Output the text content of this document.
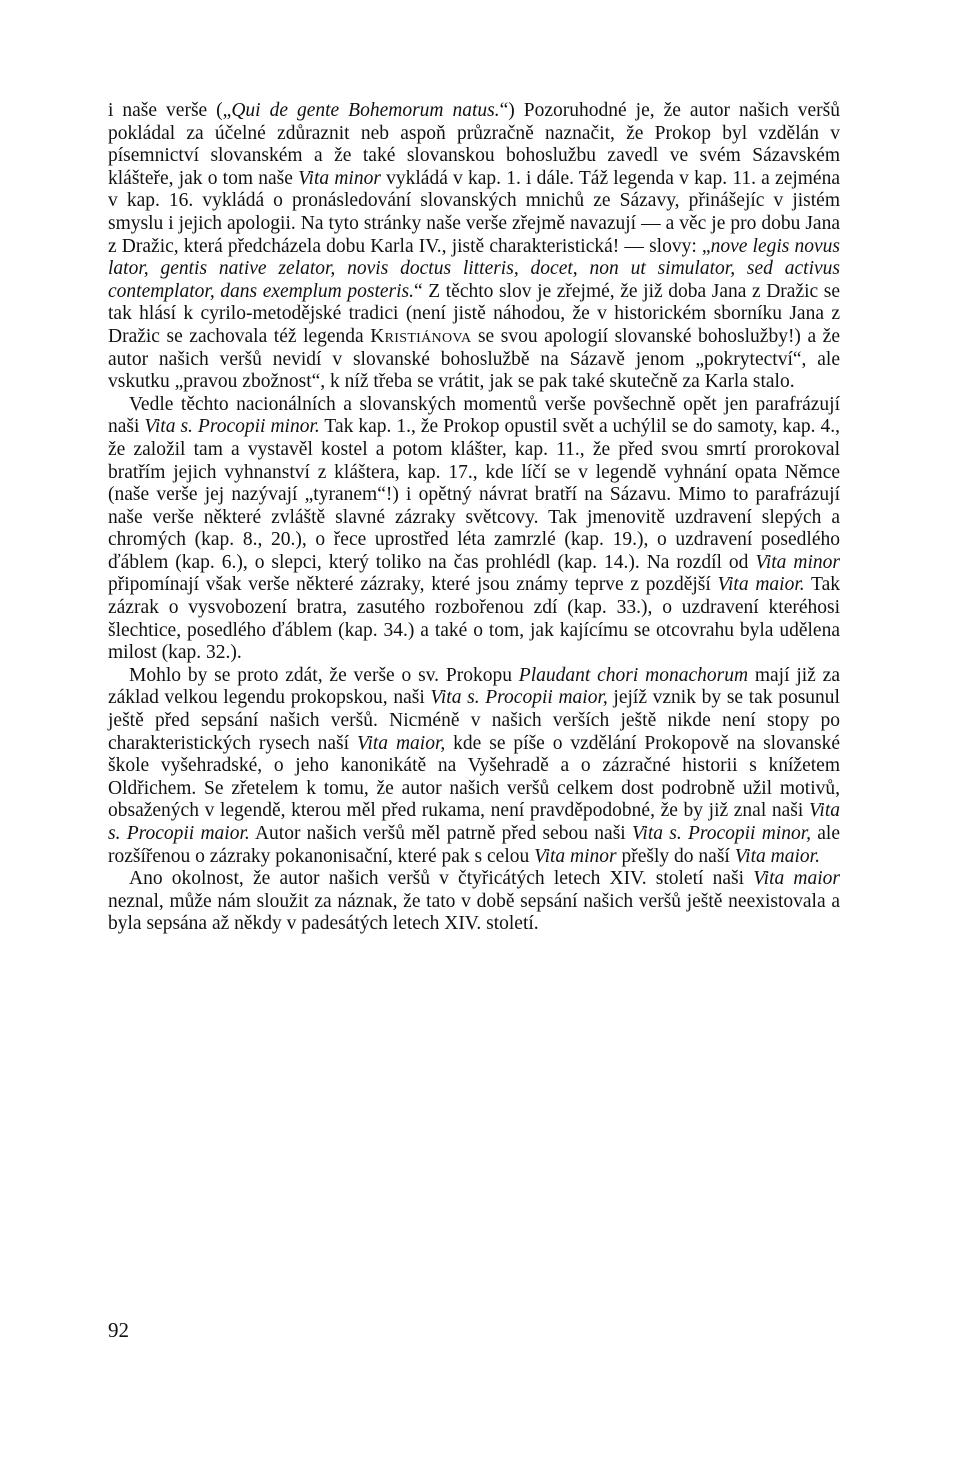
i naše verše („Qui de gente Bohemorum natus.“) Pozoruhodné je, že autor našich veršů pokládal za účelné zdůraznit neb aspoň průzračně naznačit, že Prokop byl vzdělán v písemnictví slovanském a že také slovanskou bohoslužbu zavedl ve svém Sázavském klášteře, jak o tom naše Vita minor vykládá v kap. 1. i dále. Táž legenda v kap. 11. a zejména v kap. 16. vykládá o pronásledování slovanských mnichů ze Sázavy, přinášejíc v jistém smyslu i jejich apologii. Na tyto stránky naše verše zřejmě navazují — a věc je pro dobu Jana z Dražic, která předcházela dobu Karla IV., jistě charakteristická! — slovy: „nove legis novus lator, gentis native zelator, novis doctus litteris, docet, non ut simulator, sed activus contemplator, dans exemplum posteris.“ Z těchto slov je zřejmé, že již doba Jana z Dražic se tak hlásí k cyrilo-metodějské tradici (není jistě náhodou, že v historickém sborníku Jana z Dražic se zachovala též legenda Kristiánova se svou apologií slovanské bohoslužby!) a že autor našich veršů nevidí v slovanské bohoslužbě na Sázavě jenom „pokrytectví“, ale vskutku „pravou zbožnost“, k níž třeba se vrátit, jak se pak také skutečně za Karla stalo.

Vedle těchto nacionálních a slovanských momentů verše povšechně opět jen parafrázují naši Vita s. Procopii minor. Tak kap. 1., že Prokop opustil svět a uchýlil se do samoty, kap. 4., že založil tam a vystavěl kostel a potom klášter, kap. 11., že před svou smrtí prorokoval bratřím jejich vyhnanství z kláštera, kap. 17., kde líčí se v legendě vyhnání opata Němce (naše verše jej nazývají „tyranem“!) i opětný návrat bratří na Sázavu. Mimo to parafrázují naše verše některé zvláště slavné zázraky světcovy. Tak jmenovitě uzdravení slepých a chromých (kap. 8., 20.), o řece uprostřed léta zamrzlé (kap. 19.), o uzdravení posedlého ďáblem (kap. 6.), o slepci, který toliko na čas prohlédl (kap. 14.). Na rozdíl od Vita minor připomínají však verše některé zázraky, které jsou známy teprve z pozdější Vita maior. Tak zázrak o vysvobození bratra, zasutého rozbořenou zdí (kap. 33.), o uzdravení kteréhosi šlechtice, posedlého ďáblem (kap. 34.) a také o tom, jak kajícímu se otcovrahu byla udělena milost (kap. 32.).

Mohlo by se proto zdát, že verše o sv. Prokopu Plaudant chori monachorum mají již za základ velkou legendu prokopskou, naši Vita s. Procopii maior, jejíž vznik by se tak posunul ještě před sepsání našich veršů. Nicméně v našich verších ještě nikde není stopy po charakteristických rysech naší Vita maior, kde se píše o vzdělání Prokopově na slovanské škole vyšehradské, o jeho kanonikátě na Vyšehradě a o zázračné historii s knížetem Oldřichem. Se zřetelem k tomu, že autor našich veršů celkem dost podrobně užil motivů, obsažených v legendě, kterou měl před rukama, není pravděpodobné, že by již znal naši Vita s. Procopii maior. Autor našich veršů měl patrně před sebou naši Vita s. Procopii minor, ale rozšířenou o zázraky pokanonisační, které pak s celou Vita minor přešly do naší Vita maior.

Ano okolnost, že autor našich veršů v čtyřicátých letech XIV. století naši Vita maior neznal, může nám sloužit za náznak, že tato v době sepsání našich veršů ještě neexistovala a byla sepsána až někdy v padesátých letech XIV. století.

92
